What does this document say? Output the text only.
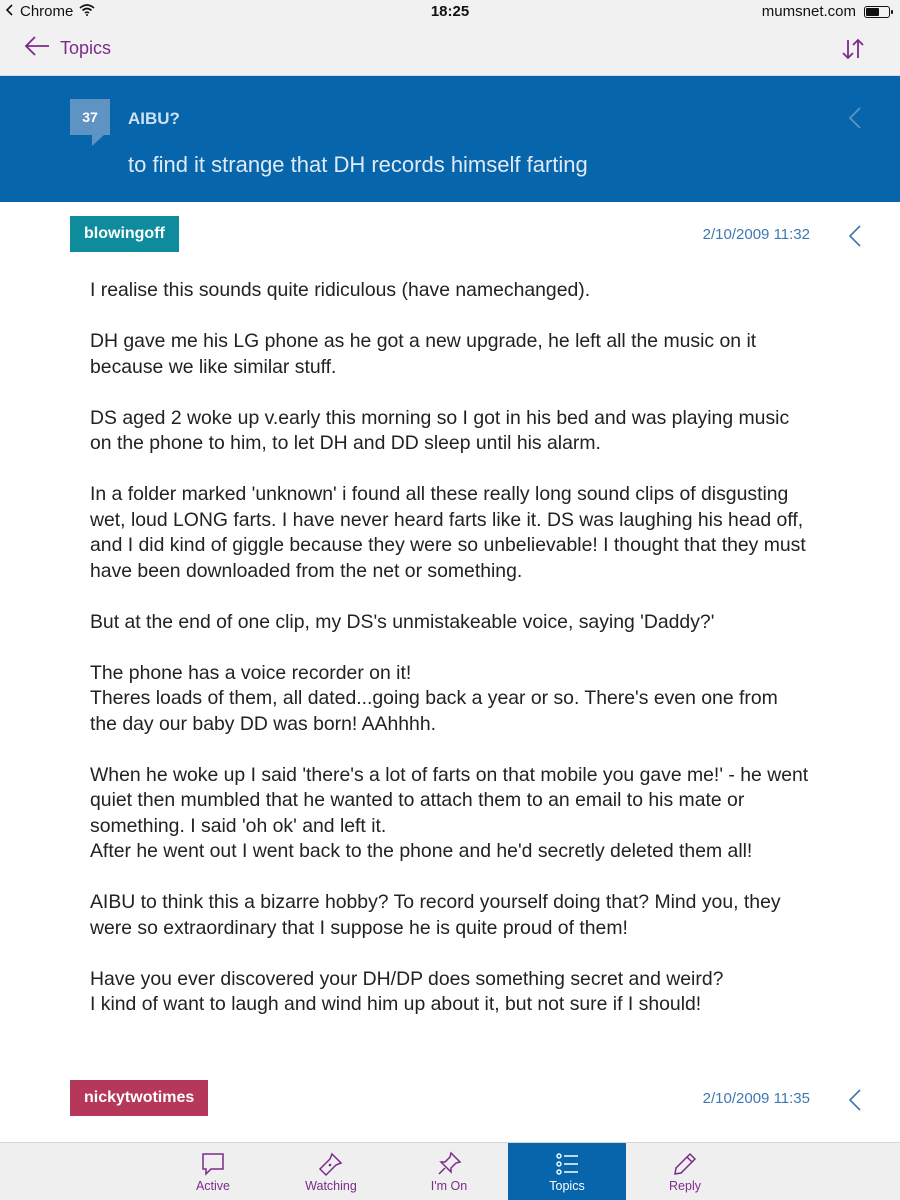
Chrome	18:25	mumsnet.com
Topics
37	AIBU?
to find it strange that DH records himself farting
blowingoff	2/10/2009 11:32

I realise this sounds quite ridiculous (have namechanged).

DH gave me his LG phone as he got a new upgrade, he left all the music on it because we like similar stuff.

DS aged 2 woke up v.early this morning so I got in his bed and was playing music on the phone to him, to let DH and DD sleep until his alarm.

In a folder marked 'unknown' i found all these really long sound clips of disgusting wet, loud LONG farts. I have never heard farts like it. DS was laughing his head off, and I did kind of giggle because they were so unbelievable! I thought that they must have been downloaded from the net or something.

But at the end of one clip, my DS's unmistakeable voice, saying 'Daddy?'

The phone has a voice recorder on it!
Theres loads of them, all dated...going back a year or so. There's even one from the day our baby DD was born! AAhhhh.

When he woke up I said 'there's a lot of farts on that mobile you gave me!' - he went quiet then mumbled that he wanted to attach them to an email to his mate or something. I said 'oh ok' and left it.
After he went out I went back to the phone and he'd secretly deleted them all!

AIBU to think this a bizarre hobby? To record yourself doing that? Mind you, they were so extraordinary that I suppose he is quite proud of them!

Have you ever discovered your DH/DP does something secret and weird?
I kind of want to laugh and wind him up about it, but not sure if I should!

nickytwotimes	2/10/2009 11:35
Active	Watching	I'm On	Topics	Reply
